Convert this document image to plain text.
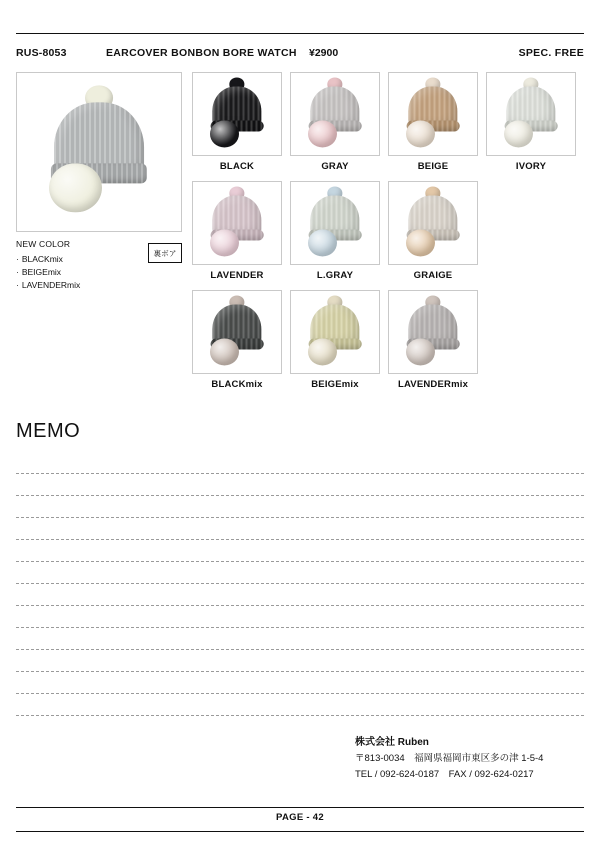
RUS-8053	EARCOVER BONBON BORE WATCH ¥2900	SPEC. FREE
NEW COLOR
· BLACKmix
· BEIGEmix
· LAVENDERmix
裏ボア
BLACK	GRAY	BEIGE	IVORY
LAVENDER	L.GRAY	GRAIGE
BLACKmix	BEIGEmix	LAVENDERmix
MEMO
株式会社 Ruben
〒813-0034　福岡県福岡市東区多の津 1-5-4
TEL / 092-624-0187　FAX / 092-624-0217
PAGE - 42
